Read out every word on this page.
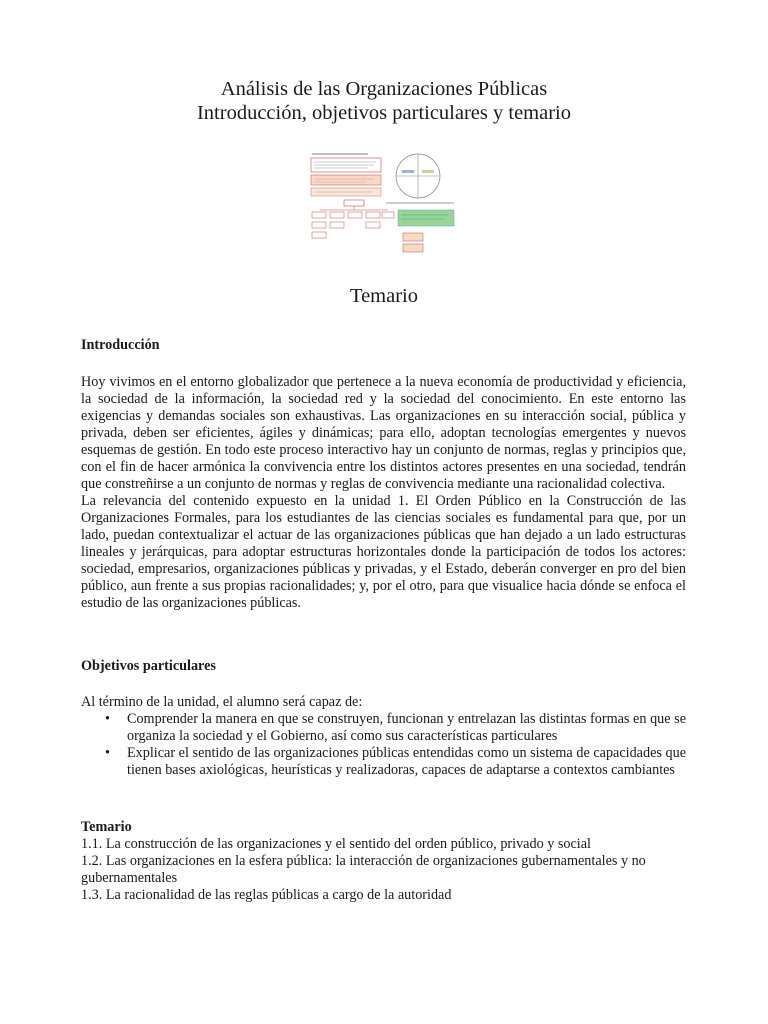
Análisis de las Organizaciones Públicas
Introducción, objetivos particulares y temario
Temario
Introducción

Hoy vivimos en el entorno globalizador que pertenece a la nueva economía de productividad y eficiencia, la sociedad de la información, la sociedad red y la sociedad del conocimiento. En este entorno las exigencias y demandas sociales son exhaustivas. Las organizaciones en su interacción social, pública y privada, deben ser eficientes, ágiles y dinámicas; para ello, adoptan tecnologías emergentes y nuevos esquemas de gestión. En todo este proceso interactivo hay un conjunto de normas, reglas y principios que, con el fin de hacer armónica la convivencia entre los distintos actores presentes en una sociedad, tendrán que constreñirse a un conjunto de normas y reglas de convivencia mediante una racionalidad colectiva.

La relevancia del contenido expuesto en la unidad 1. El Orden Público en la Construcción de las Organizaciones Formales, para los estudiantes de las ciencias sociales es fundamental para que, por un lado, puedan contextualizar el actuar de las organizaciones públicas que han dejado a un lado estructuras lineales y jerárquicas, para adoptar estructuras horizontales donde la participación de todos los actores: sociedad, empresarios, organizaciones públicas y privadas, y el Estado, deberán converger en pro del bien público, aun frente a sus propias racionalidades; y, por el otro, para que visualice hacia dónde se enfoca el estudio de las organizaciones públicas.

Objetivos particulares

Al término de la unidad, el alumno será capaz de:

• Comprender la manera en que se construyen, funcionan y entrelazan las distintas formas en que se organiza la sociedad y el Gobierno, así como sus características particulares
• Explicar el sentido de las organizaciones públicas entendidas como un sistema de capacidades que tienen bases axiológicas, heurísticas y realizadoras, capaces de adaptarse a contextos cambiantes
Temario
1.1. La construcción de las organizaciones y el sentido del orden público, privado y social
1.2. Las organizaciones en la esfera pública: la interacción de organizaciones gubernamentales y no gubernamentales
1.3. La racionalidad de las reglas públicas a cargo de la autoridad
